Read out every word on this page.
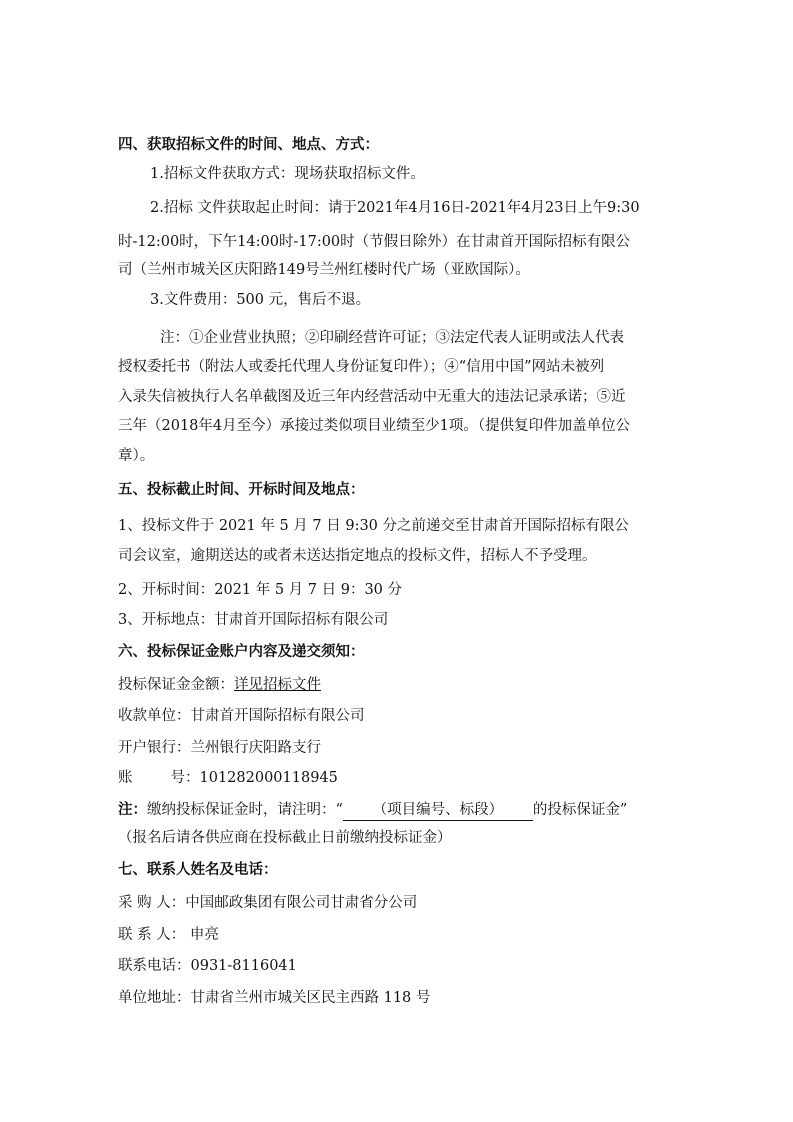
四、获取招标文件的时间、地点、方式：
1.招标文件获取方式：现场获取招标文件。
2.招标 文件获取起止时间：请于2021年4月16日-2021年4月23日上午9:30
时-12:00时，下午14:00时-17:00时（节假日除外）在甘肃首开国际招标有限公
司（兰州市城关区庆阳路149号兰州红楼时代广场（亚欧国际）。
3.文件费用：500 元，售后不退。
注：①企业营业执照；②印刷经营许可证；③法定代表人证明或法人代表
授权委托书（附法人或委托代理人身份证复印件）；④“信用中国”网站未被列
入录失信被执行人名单截图及近三年内经营活动中无重大的违法记录承诺；⑤近
三年（2018年4月至今）承接过类似项目业绩至少1项。（提供复印件加盖单位公
章）。
五、投标截止时间、开标时间及地点：
1、投标文件于 2021 年 5 月 7 日 9:30 分之前递交至甘肃首开国际招标有限公
司会议室，逾期送达的或者未送达指定地点的投标文件，招标人不予受理。
2、开标时间：2021 年 5 月 7 日 9：30 分
3、开标地点：甘肃首开国际招标有限公司
六、投标保证金账户内容及递交须知：
投标保证金金额：详见招标文件
收款单位：甘肃首开国际招标有限公司
开户银行：兰州银行庆阳路支行
账	号：101282000118945
注：缴纳投标保证金时，请注明：“ （项目编号、标段） 的投标保证金”
（报名后请各供应商在投标截止日前缴纳投标证金）
七、联系人姓名及电话：
采 购 人：中国邮政集团有限公司甘肃省分公司
联 系 人： 申亮
联系电话：0931-8116041
单位地址：甘肃省兰州市城关区民主西路 118 号
